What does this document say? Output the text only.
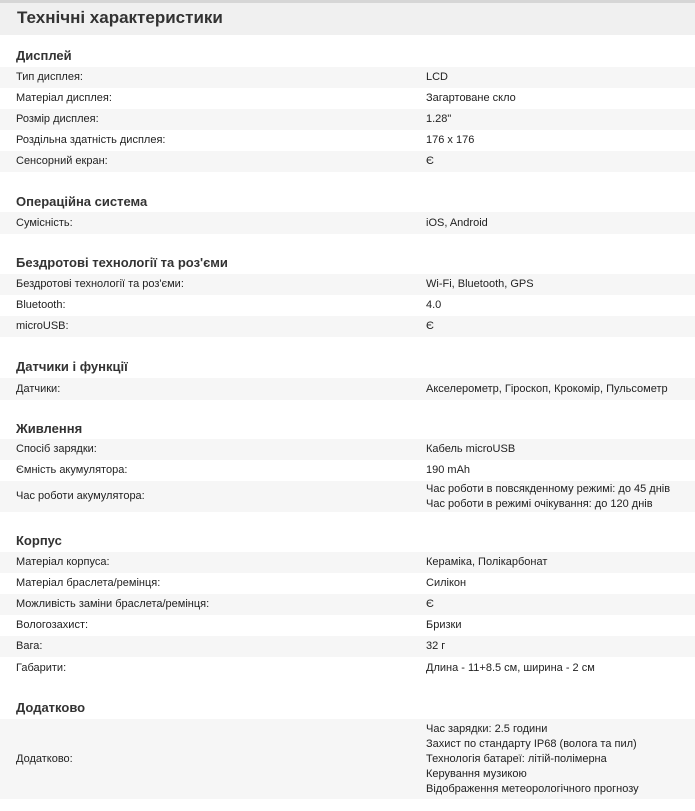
Технічні характеристики
Дисплей
Тип дисплея:	LCD
Матеріал дисплея:	Загартоване скло
Розмір дисплея:	1.28"
Роздільна здатність дисплея:	176 x 176
Сенсорний екран:	Є
Операційна система
Сумісність:	iOS, Android
Бездротові технології та роз'єми
Бездротові технології та роз'єми:	Wi-Fi, Bluetooth, GPS
Bluetooth:	4.0
microUSB:	Є
Датчики і функції
Датчики:	Акселерометр, Гіроскоп, Крокомір, Пульсометр
Живлення
Спосіб зарядки:	Кабель microUSB
Ємність акумулятора:	190 mAh
Час роботи акумулятора:
Час роботи в повсякденному режимі: до 45 днів
Час роботи в режимі очікування: до 120 днів
Корпус
Матеріал корпуса:	Кераміка, Полікарбонат
Матеріал браслета/ремінця:	Силікон
Можливість заміни браслета/ремінця:	Є
Вологозахист:	Бризки
Вага:	32 г
Габарити:	Длина - 11+8.5 см, ширина - 2 см
Додатково
Додатково:
Час зарядки: 2.5 години
Захист по стандарту IP68 (волога та пил)
Технологія батареї: літій-полімерна
Керування музикою
Відображення метеорологічного прогнозу
